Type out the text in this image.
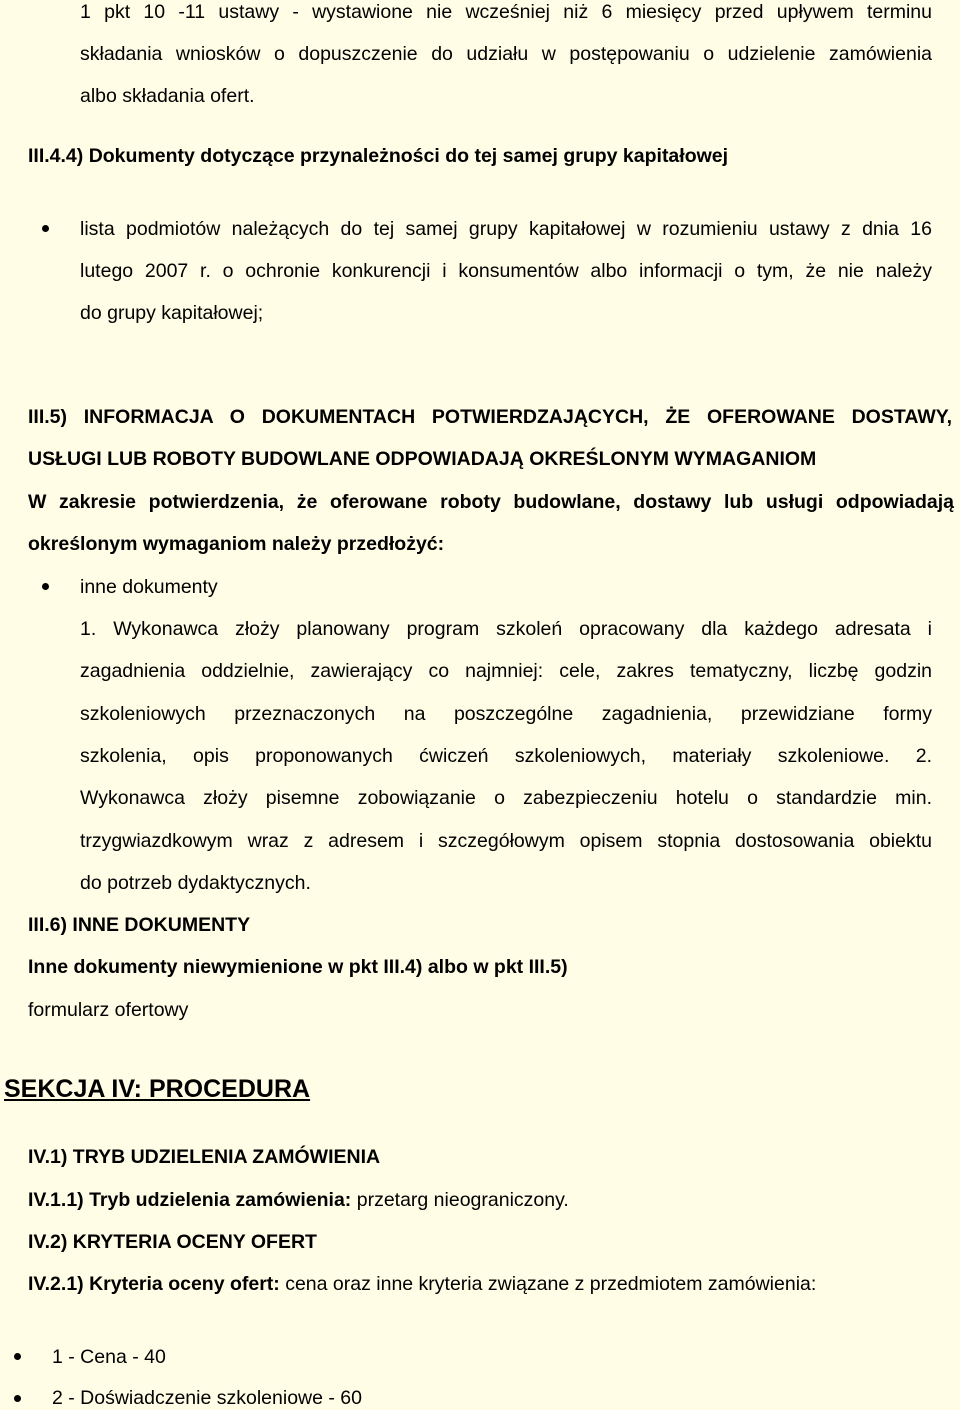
1 pkt 10 -11 ustawy - wystawione nie wcześniej niż 6 miesięcy przed upływem terminu
składania wniosków o dopuszczenie do udziału w postępowaniu o udzielenie zamówienia
albo składania ofert.
III.4.4) Dokumenty dotyczące przynależności do tej samej grupy kapitałowej
lista podmiotów należących do tej samej grupy kapitałowej w rozumieniu ustawy z dnia 16
lutego 2007 r. o ochronie konkurencji i konsumentów albo informacji o tym, że nie należy
do grupy kapitałowej;
III.5) INFORMACJA O DOKUMENTACH POTWIERDZAJĄCYCH, ŻE OFEROWANE DOSTAWY,
USŁUGI LUB ROBOTY BUDOWLANE ODPOWIADAJĄ OKREŚLONYM WYMAGANIOM
W zakresie potwierdzenia, że oferowane roboty budowlane, dostawy lub usługi odpowiadają
określonym wymaganiom należy przedłożyć:
inne dokumenty
1. Wykonawca złoży planowany program szkoleń opracowany dla każdego adresata i
zagadnienia oddzielnie, zawierający co najmniej: cele, zakres tematyczny, liczbę godzin
szkoleniowych przeznaczonych na poszczególne zagadnienia, przewidziane formy
szkolenia, opis proponowanych ćwiczeń szkoleniowych, materiały szkoleniowe. 2.
Wykonawca złoży pisemne zobowiązanie o zabezpieczeniu hotelu o standardzie min.
trzygwiazdkowym wraz z adresem i szczegółowym opisem stopnia dostosowania obiektu
do potrzeb dydaktycznych.
III.6) INNE DOKUMENTY
Inne dokumenty niewymienione w pkt III.4) albo w pkt III.5)
formularz ofertowy
SEKCJA IV: PROCEDURA
IV.1) TRYB UDZIELENIA ZAMÓWIENIA
IV.1.1) Tryb udzielenia zamówienia: przetarg nieograniczony.
IV.2) KRYTERIA OCENY OFERT
IV.2.1) Kryteria oceny ofert: cena oraz inne kryteria związane z przedmiotem zamówienia:
1 - Cena - 40
2 - Doświadczenie szkoleniowe - 60
